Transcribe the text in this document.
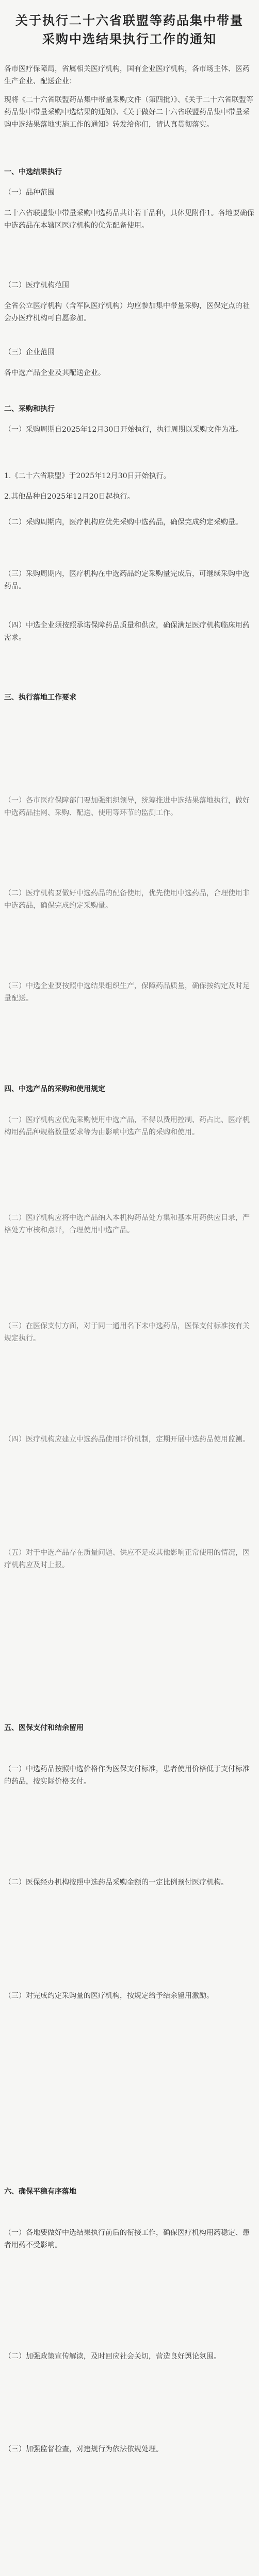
关于执行二十六省联盟等药品集中带量采购中选结果执行工作的通知
各市医疗保障局，省属相关医疗机构，国有企业医疗机构，各市场主体、医药生产企业、配送企业：
现将《二十六省联盟药品集中带量采购文件（第四批）》、《关于二十六省联盟等药品集中带量采购中选结果的通知》、《关于做好二十六省联盟药品集中带量采购中选结果落地实施工作的通知》转发给你们，请认真贯彻落实。
一、中选结果执行
（一）品种范围
二十六省联盟集中带量采购中选药品共计若干品种，具体见附件1。各地要确保中选药品在本辖区医疗机构的优先配备使用。
（二）医疗机构范围
全省公立医疗机构（含军队医疗机构）均应参加集中带量采购，医保定点的社会办医疗机构可自愿参加。
（三）企业范围
各中选产品企业及其配送企业。
二、采购和执行
（一）采购周期自2025年12月30日开始执行，执行周期以采购文件为准。
1.《二十六省联盟》于2025年12月30日开始执行。
2.其他品种自2025年12月20日起执行。
（二）采购周期内，医疗机构应优先采购中选药品，确保完成约定采购量。
（三）采购周期内，医疗机构在中选药品约定采购量完成后，可继续采购中选药品。
（四）中选企业须按照承诺保障药品质量和供应，确保满足医疗机构临床用药需求。
三、执行落地工作要求
（一）各市医疗保障部门要加强组织领导，统筹推进中选结果落地执行，做好中选药品挂网、采购、配送、使用等环节的监测工作。
（二）医疗机构要做好中选药品的配备使用，优先使用中选药品，合理使用非中选药品，确保完成约定采购量。
（三）中选企业要按照中选结果组织生产，保障药品质量，确保按约定及时足量配送。
四、中选产品的采购和使用规定
（一）医疗机构应优先采购使用中选产品，不得以费用控制、药占比、医疗机构用药品种规格数量要求等为由影响中选产品的采购和使用。
（二）医疗机构应将中选产品纳入本机构药品处方集和基本用药供应目录，严格处方审核和点评，合理使用中选产品。
（三）在医保支付方面，对于同一通用名下未中选药品，医保支付标准按有关规定执行。
（四）医疗机构应建立中选药品使用评价机制，定期开展中选药品使用监测。
（五）对于中选产品存在质量问题、供应不足或其他影响正常使用的情况，医疗机构应及时上报。
五、医保支付和结余留用
（一）中选药品按照中选价格作为医保支付标准，患者使用价格低于支付标准的药品，按实际价格支付。
（二）医保经办机构按照中选药品采购金额的一定比例预付医疗机构。
（三）对完成约定采购量的医疗机构，按规定给予结余留用激励。
六、确保平稳有序落地
（一）各地要做好中选结果执行前后的衔接工作，确保医疗机构用药稳定、患者用药不受影响。
（二）加强政策宣传解读，及时回应社会关切，营造良好舆论氛围。
（三）加强监督检查，对违规行为依法依规处理。
